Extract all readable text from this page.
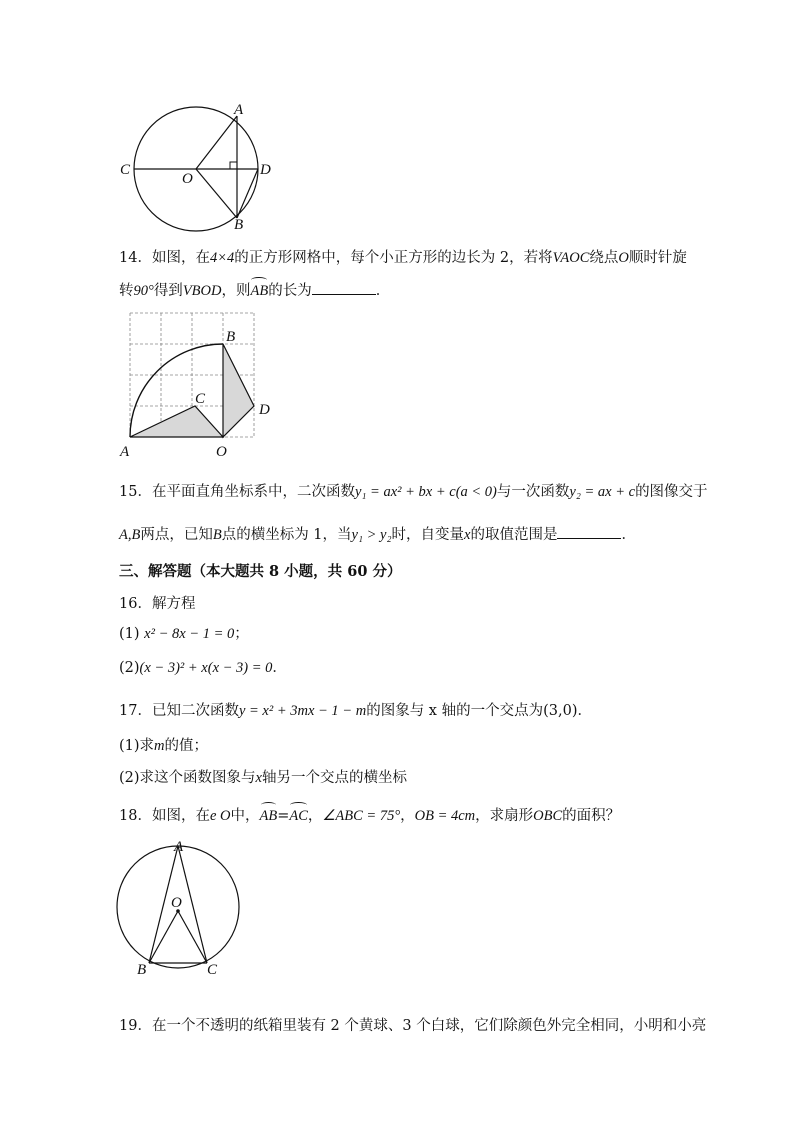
A
C
O
D
B
14．如图，在4×4的正方形网格中，每个小正方形的边长为 2，若将VAOC绕点O顺时针旋
转90°得到VBOD，则AB的长为	．
B
C
D
A	O
15．在平面直角坐标系中，二次函数y₁ = ax² + bx + c(a < 0)与一次函数y₂ = ax + c的图像交于
A,B两点，已知B点的横坐标为 1，当y₁ > y₂时，自变量x的取值范围是	．
三、解答题（本大题共 8 小题，共 60 分）
16．解方程
(1) x² − 8x − 1 = 0；
(2)(x − 3)² + x(x − 3) = 0．
17．已知二次函数y = x² + 3mx − 1 − m的图象与 x 轴的一个交点为(3,0)．
(1)求m的值；
(2)求这个函数图象与x轴另一个交点的横坐标
18．如图，在e O中，AB=AC，∠ABC = 75°，OB = 4cm，求扇形OBC的面积？
A
O
B	C
19．在一个不透明的纸箱里装有 2 个黄球、3 个白球，它们除颜色外完全相同，小明和小亮
